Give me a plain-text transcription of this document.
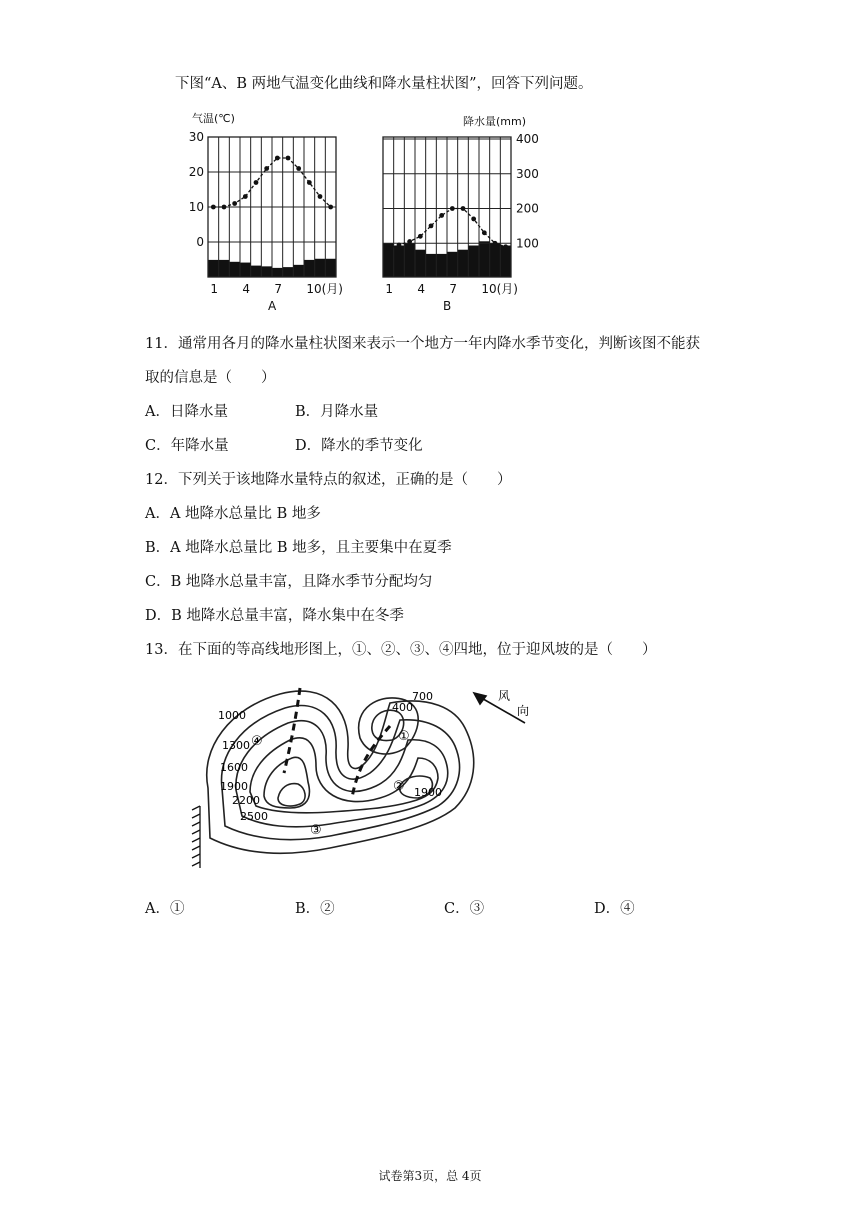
下图“A、B 两地气温变化曲线和降水量柱状图”，回答下列问题。
30
20
10
0
气温(℃)
1 4 7 10(月)
A
400
300
200
100
降水量(mm)
1 4 7 10(月)
B
11．通常用各月的降水量柱状图来表示一个地方一年内降水季节变化，判断该图不能获
取的信息是（　　）
A．日降水量	B．月降水量
C．年降水量	D．降水的季节变化
12．下列关于该地降水量特点的叙述，正确的是（　　）
A．A 地降水总量比 B 地多
B．A 地降水总量比 B 地多，且主要集中在夏季
C．B 地降水总量丰富，且降水季节分配均匀
D．B 地降水总量丰富，降水集中在冬季
13．在下面的等高线地形图上，①、②、③、④四地，位于迎风坡的是（　　）
1000
1300
1600
1900
2200
2500
700
400
1900
①
②
③
④
风
向
A．①	B．②	C．③	D．④
试卷第3页，总 4页
